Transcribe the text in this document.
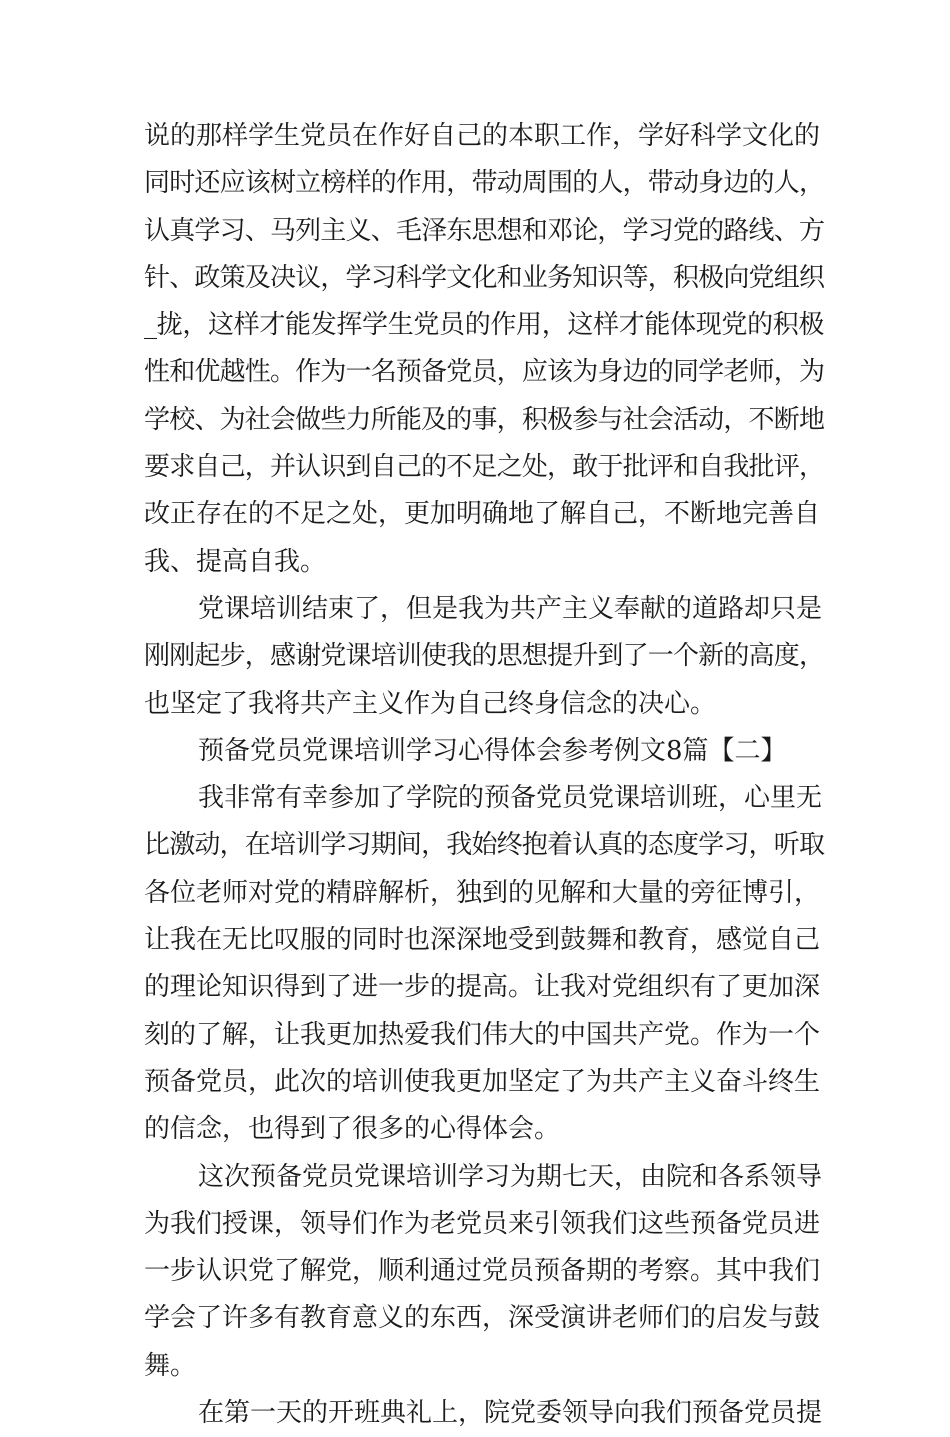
说的那样学生党员在作好自己的本职工作，学好科学文化的
同时还应该树立榜样的作用，带动周围的人，带动身边的人，
认真学习、马列主义、毛泽东思想和邓论，学习党的路线、方
针、政策及决议，学习科学文化和业务知识等，积极向党组织
_拢，这样才能发挥学生党员的作用，这样才能体现党的积极
性和优越性。作为一名预备党员，应该为身边的同学老师，为
学校、为社会做些力所能及的事，积极参与社会活动，不断地
要求自己，并认识到自己的不足之处，敢于批评和自我批评，
改正存在的不足之处，更加明确地了解自己，不断地完善自
我、提高自我。
党课培训结束了，但是我为共产主义奉献的道路却只是
刚刚起步，感谢党课培训使我的思想提升到了一个新的高度，
也坚定了我将共产主义作为自己终身信念的决心。
预备党员党课培训学习心得体会参考例文8篇【二】
我非常有幸参加了学院的预备党员党课培训班，心里无
比激动，在培训学习期间，我始终抱着认真的态度学习，听取
各位老师对党的精辟解析，独到的见解和大量的旁征博引，
让我在无比叹服的同时也深深地受到鼓舞和教育，感觉自己
的理论知识得到了进一步的提高。让我对党组织有了更加深
刻的了解，让我更加热爱我们伟大的中国共产党。作为一个
预备党员，此次的培训使我更加坚定了为共产主义奋斗终生
的信念，也得到了很多的心得体会。
这次预备党员党课培训学习为期七天，由院和各系领导
为我们授课，领导们作为老党员来引领我们这些预备党员进
一步认识党了解党，顺利通过党员预备期的考察。其中我们
学会了许多有教育意义的东西，深受演讲老师们的启发与鼓
舞。
在第一天的开班典礼上，院党委领导向我们预备党员提
